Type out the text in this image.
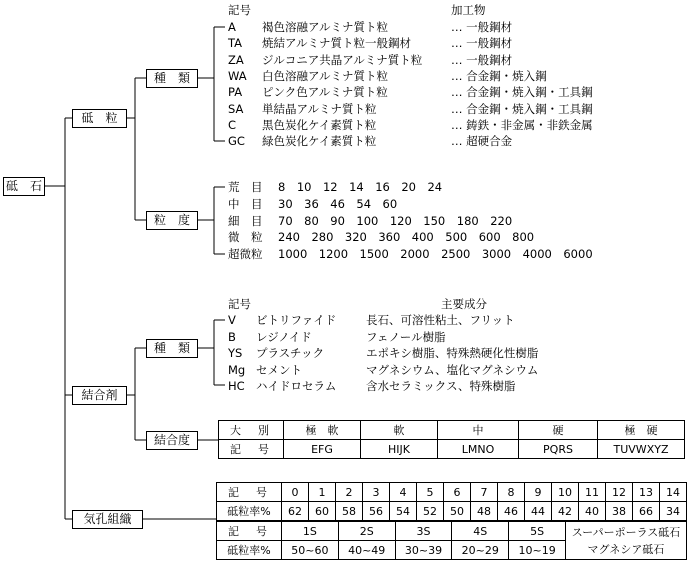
砥　石
砥　粒
結合剤
気孔組織
種　類
粒　度
種　類
結合度
記号	加工物
A 褐色溶融アルミナ質ト粒	… 一般鋼材
TA 焼結アルミナ質ト粒一般鋼材	… 一般鋼材
ZA ジルコニア共晶アルミナ質ト粒 … 一般鋼材
WA 白色溶融アルミナ質ト粒	… 合金鋼・焼入鋼
PA ピンク色アルミナ質ト粒	… 合金鋼・焼入鋼・工具鋼
SA 単結晶アルミナ質ト粒	… 合金鋼・焼入鋼・工具鋼
C 黒色炭化ケイ素質ト粒	… 鋳鉄・非金属・非鉄金属
GC 緑色炭化ケイ素質ト粒	… 超硬合金
荒　目 8　10　12　14　16　20　24
中　目 30　36　46　54　60
細　目 70　80　90　100　120　150　180　220
微　粒 240　280　320　360　400　500　600　800
超微粒 1000　1200　1500　2000　2500　3000　4000　6000
記号	主要成分
V ビトリファイド	長石、可溶性粘土、フリット
B レジノイド	フェノール樹脂
YS プラスチック	エポキシ樹脂、特殊熱硬化性樹脂
Mg セメント	マグネシウム、塩化マグネシウム
HC ハイドロセラム	含水セラミックス、特殊樹脂
大　別	極　軟	軟	中	硬	極　硬
記　号	EFG	HIJK	LMNO	PQRS	TUVWXYZ
記　号	0	1	2	3	4	5	6	7	8	9	10	11	12	13	14
砥粒率%	62	60	58	56	54	52	50	48	46	44	42	40	38	66	34
記　号	1S	2S	3S	4S	5S	スーパーポーラス砥石
マグネシア砥石

砥粒率%	50~60	40~49	30~39	20~29	10~19	
